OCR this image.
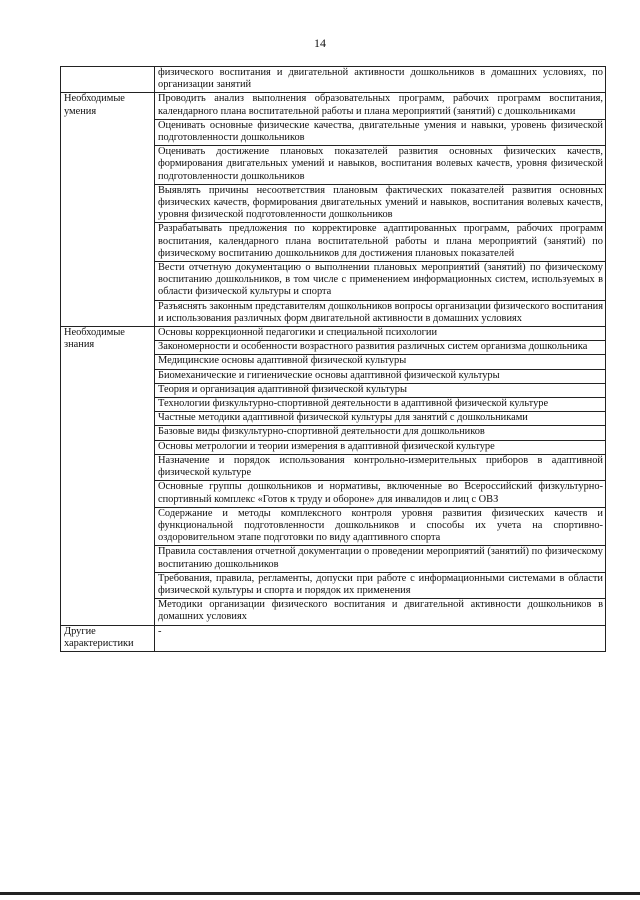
14
	физического воспитания и двигательной активности дошкольников в домашних условиях, по организации занятий
Необходимые умения	Проводить анализ выполнения образовательных программ, рабочих программ воспитания, календарного плана воспитательной работы и плана мероприятий (занятий) с дошкольниками
	Оценивать основные физические качества, двигательные умения и навыки, уровень физической подготовленности дошкольников
	Оценивать достижение плановых показателей развития основных физических качеств, формирования двигательных умений и навыков, воспитания волевых качеств, уровня физической подготовленности дошкольников
	Выявлять причины несоответствия плановым фактических показателей развития основных физических качеств, формирования двигательных умений и навыков, воспитания волевых качеств, уровня физической подготовленности дошкольников
	Разрабатывать предложения по корректировке адаптированных программ, рабочих программ воспитания, календарного плана воспитательной работы и плана мероприятий (занятий) по физическому воспитанию дошкольников для достижения плановых показателей
	Вести отчетную документацию о выполнении плановых мероприятий (занятий) по физическому воспитанию дошкольников, в том числе с применением информационных систем, используемых в области физической культуры и спорта
	Разъяснять законным представителям дошкольников вопросы организации физического воспитания и использования различных форм двигательной активности в домашних условиях
Необходимые знания	Основы коррекционной педагогики и специальной психологии
	Закономерности и особенности возрастного развития различных систем организма дошкольника
	Медицинские основы адаптивной физической культуры
	Биомеханические и гигиенические основы адаптивной физической культуры
	Теория и организация адаптивной физической культуры
	Технологии физкультурно-спортивной деятельности в адаптивной физической культуре
	Частные методики адаптивной физической культуры для занятий с дошкольниками
	Базовые виды физкультурно-спортивной деятельности для дошкольников
	Основы метрологии и теории измерения в адаптивной физической культуре
	Назначение и порядок использования контрольно-измерительных приборов в адаптивной физической культуре
	Основные группы дошкольников и нормативы, включенные во Всероссийский физкультурно-спортивный комплекс «Готов к труду и обороне» для инвалидов и лиц с ОВЗ
	Содержание и методы комплексного контроля уровня развития физических качеств и функциональной подготовленности дошкольников и способы их учета на спортивно-оздоровительном этапе подготовки по виду адаптивного спорта
	Правила составления отчетной документации о проведении мероприятий (занятий) по физическому воспитанию дошкольников
	Требования, правила, регламенты, допуски при работе с информационными системами в области физической культуры и спорта и порядок их применения
	Методики организации физического воспитания и двигательной активности дошкольников в домашних условиях
Другие характеристики	-
